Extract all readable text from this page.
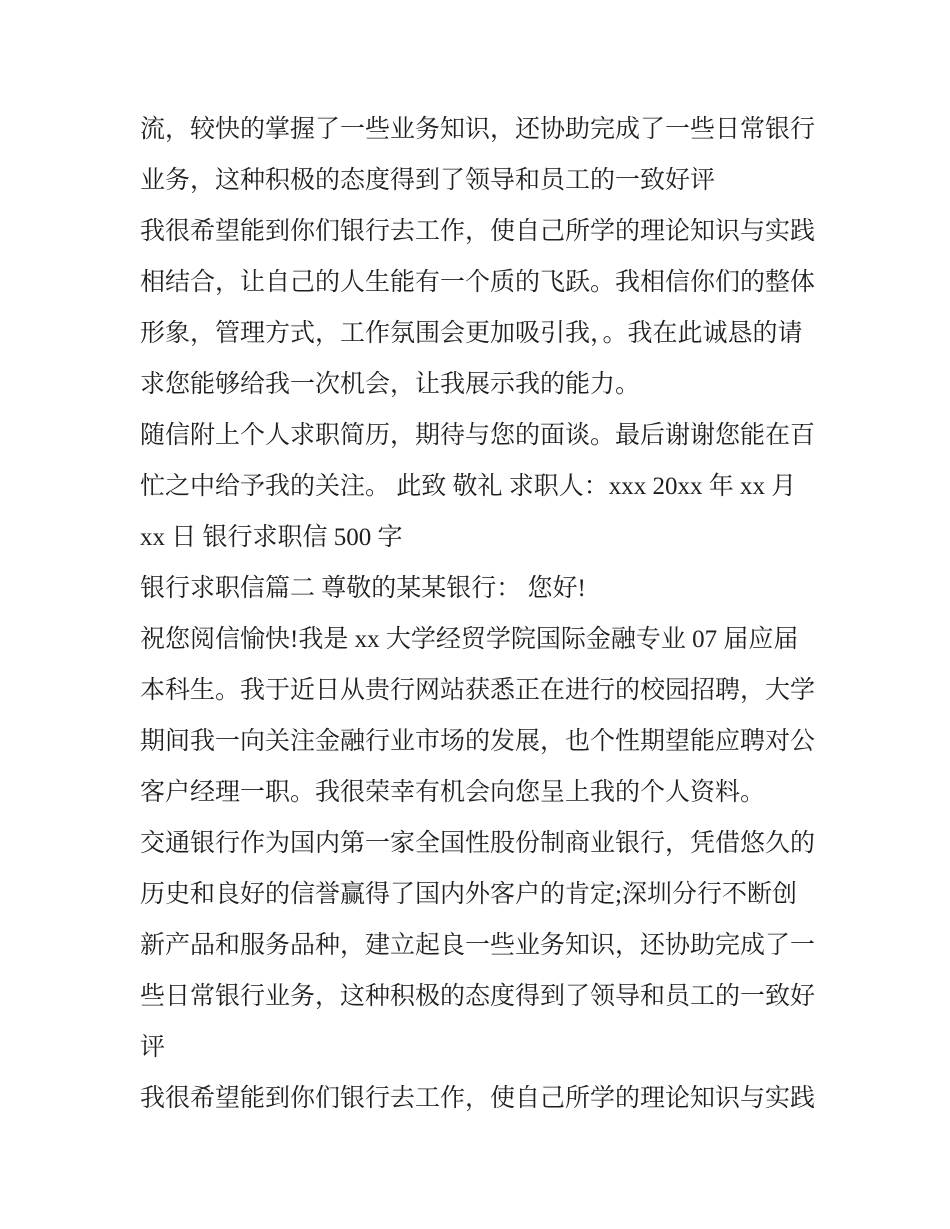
流，较快的掌握了一些业务知识，还协助完成了一些日常银行
业务，这种积极的态度得到了领导和员工的一致好评
我很希望能到你们银行去工作，使自己所学的理论知识与实践
相结合，让自己的人生能有一个质的飞跃。我相信你们的整体
形象，管理方式，工作氛围会更加吸引我，。我在此诚恳的请
求您能够给我一次机会，让我展示我的能力。
随信附上个人求职简历，期待与您的面谈。最后谢谢您能在百
忙之中给予我的关注。 此致 敬礼 求职人：xxx 20xx 年 xx 月
xx 日 银行求职信 500 字
银行求职信篇二 尊敬的某某银行： 您好!
祝您阅信愉快!我是 xx 大学经贸学院国际金融专业 07 届应届
本科生。我于近日从贵行网站获悉正在进行的校园招聘，大学
期间我一向关注金融行业市场的发展，也个性期望能应聘对公
客户经理一职。我很荣幸有机会向您呈上我的个人资料。
交通银行作为国内第一家全国性股份制商业银行，凭借悠久的
历史和良好的信誉赢得了国内外客户的肯定;深圳分行不断创
新产品和服务品种，建立起良一些业务知识，还协助完成了一
些日常银行业务，这种积极的态度得到了领导和员工的一致好
评
我很希望能到你们银行去工作，使自己所学的理论知识与实践
